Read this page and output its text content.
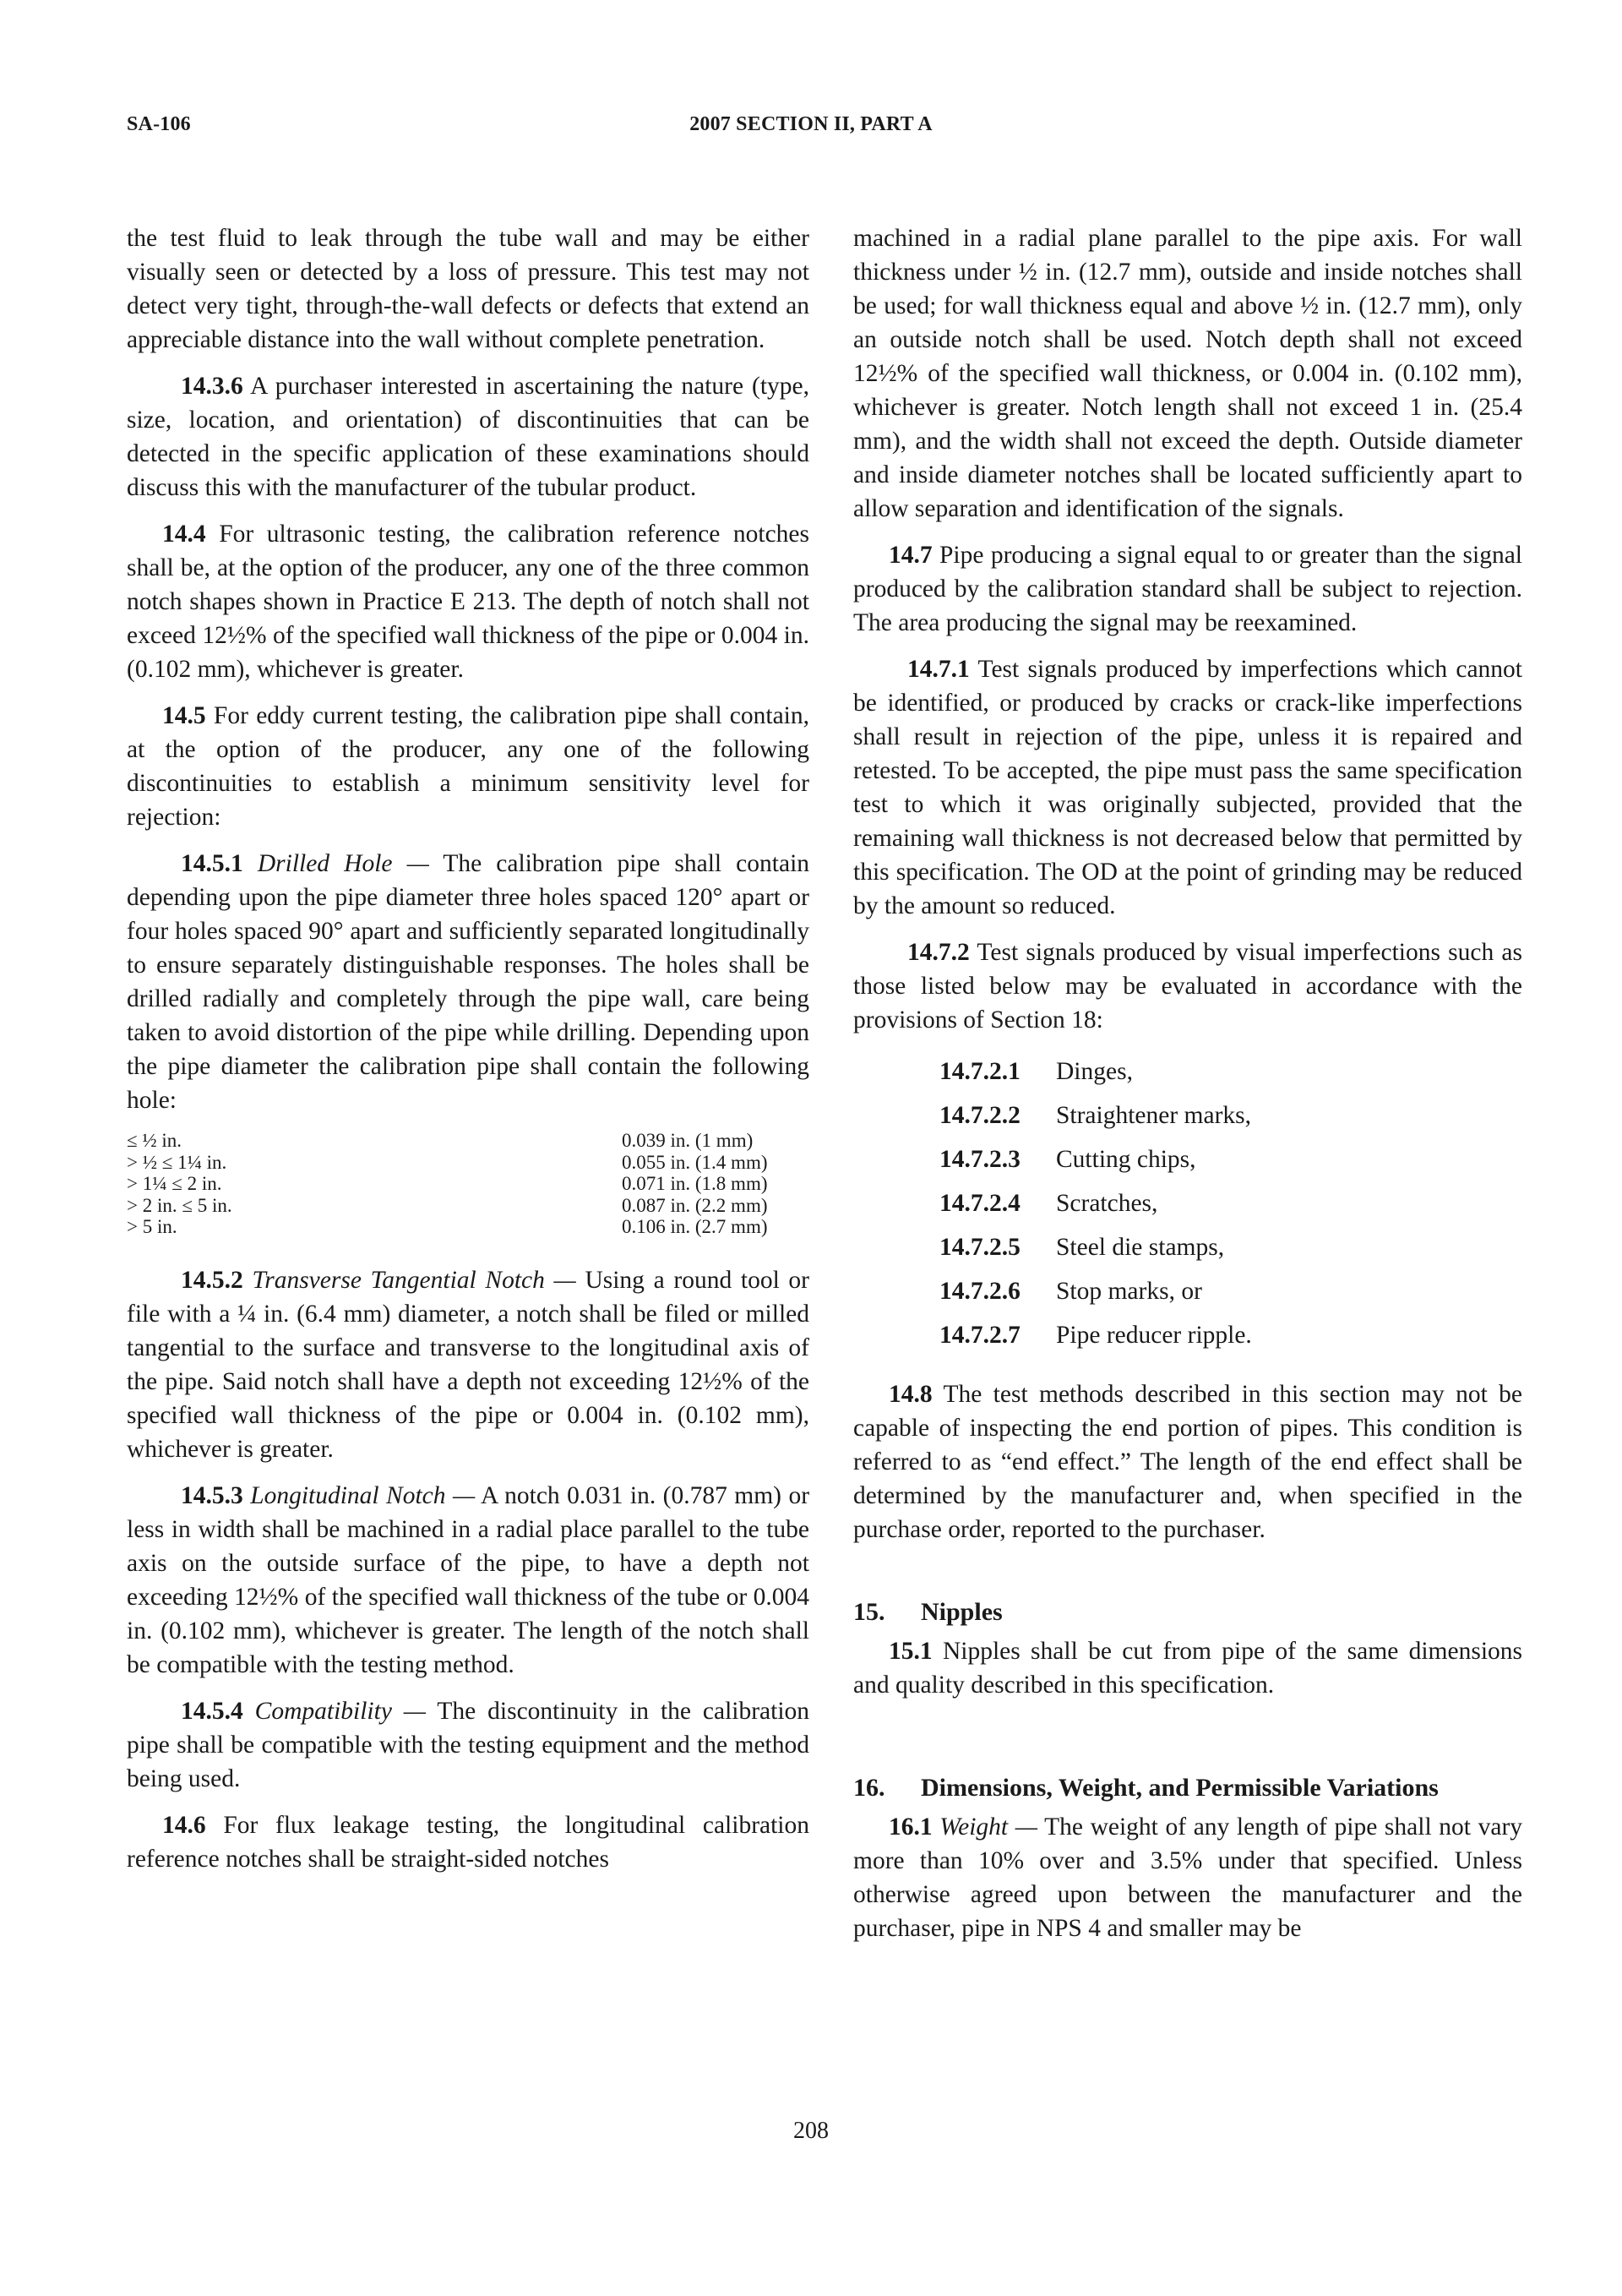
SA-106	2007 SECTION II, PART A

the test fluid to leak through the tube wall and may be either visually seen or detected by a loss of pressure. This test may not detect very tight, through-the-wall defects or defects that extend an appreciable distance into the wall without complete penetration.

14.3.6 A purchaser interested in ascertaining the nature (type, size, location, and orientation) of discontinuities that can be detected in the specific application of these examinations should discuss this with the manufacturer of the tubular product.

14.4 For ultrasonic testing, the calibration reference notches shall be, at the option of the producer, any one of the three common notch shapes shown in Practice E 213. The depth of notch shall not exceed 12½% of the specified wall thickness of the pipe or 0.004 in. (0.102 mm), whichever is greater.

14.5 For eddy current testing, the calibration pipe shall contain, at the option of the producer, any one of the following discontinuities to establish a minimum sensitivity level for rejection:

14.5.1 Drilled Hole — The calibration pipe shall contain depending upon the pipe diameter three holes spaced 120° apart or four holes spaced 90° apart and sufficiently separated longitudinally to ensure separately distinguishable responses. The holes shall be drilled radially and completely through the pipe wall, care being taken to avoid distortion of the pipe while drilling. Depending upon the pipe diameter the calibration pipe shall contain the following hole:

≤ ½ in.	0.039 in. (1 mm)
> ½ ≤ 1¼ in.	0.055 in. (1.4 mm)
> 1¼ ≤ 2 in.	0.071 in. (1.8 mm)
> 2 in. ≤ 5 in.	0.087 in. (2.2 mm)
> 5 in.	0.106 in. (2.7 mm)

14.5.2 Transverse Tangential Notch — Using a round tool or file with a ¼ in. (6.4 mm) diameter, a notch shall be filed or milled tangential to the surface and transverse to the longitudinal axis of the pipe. Said notch shall have a depth not exceeding 12½% of the specified wall thickness of the pipe or 0.004 in. (0.102 mm), whichever is greater.

14.5.3 Longitudinal Notch — A notch 0.031 in. (0.787 mm) or less in width shall be machined in a radial place parallel to the tube axis on the outside surface of the pipe, to have a depth not exceeding 12½% of the specified wall thickness of the tube or 0.004 in. (0.102 mm), whichever is greater. The length of the notch shall be compatible with the testing method.

14.5.4 Compatibility — The discontinuity in the calibration pipe shall be compatible with the testing equipment and the method being used.

14.6 For flux leakage testing, the longitudinal calibration reference notches shall be straight-sided notches

machined in a radial plane parallel to the pipe axis. For wall thickness under ½ in. (12.7 mm), outside and inside notches shall be used; for wall thickness equal and above ½ in. (12.7 mm), only an outside notch shall be used. Notch depth shall not exceed 12½% of the specified wall thickness, or 0.004 in. (0.102 mm), whichever is greater. Notch length shall not exceed 1 in. (25.4 mm), and the width shall not exceed the depth. Outside diameter and inside diameter notches shall be located sufficiently apart to allow separation and identification of the signals.

14.7 Pipe producing a signal equal to or greater than the signal produced by the calibration standard shall be subject to rejection. The area producing the signal may be reexamined.

14.7.1 Test signals produced by imperfections which cannot be identified, or produced by cracks or crack-like imperfections shall result in rejection of the pipe, unless it is repaired and retested. To be accepted, the pipe must pass the same specification test to which it was originally subjected, provided that the remaining wall thickness is not decreased below that permitted by this specification. The OD at the point of grinding may be reduced by the amount so reduced.

14.7.2 Test signals produced by visual imperfections such as those listed below may be evaluated in accordance with the provisions of Section 18:

14.7.2.1	Dinges,
14.7.2.2	Straightener marks,
14.7.2.3	Cutting chips,
14.7.2.4	Scratches,
14.7.2.5	Steel die stamps,
14.7.2.6	Stop marks, or
14.7.2.7	Pipe reducer ripple.

14.8 The test methods described in this section may not be capable of inspecting the end portion of pipes. This condition is referred to as “end effect.” The length of the end effect shall be determined by the manufacturer and, when specified in the purchase order, reported to the purchaser.

15. Nipples

15.1 Nipples shall be cut from pipe of the same dimensions and quality described in this specification.

16. Dimensions, Weight, and Permissible Variations

16.1 Weight — The weight of any length of pipe shall not vary more than 10% over and 3.5% under that specified. Unless otherwise agreed upon between the manufacturer and the purchaser, pipe in NPS 4 and smaller may be

208
